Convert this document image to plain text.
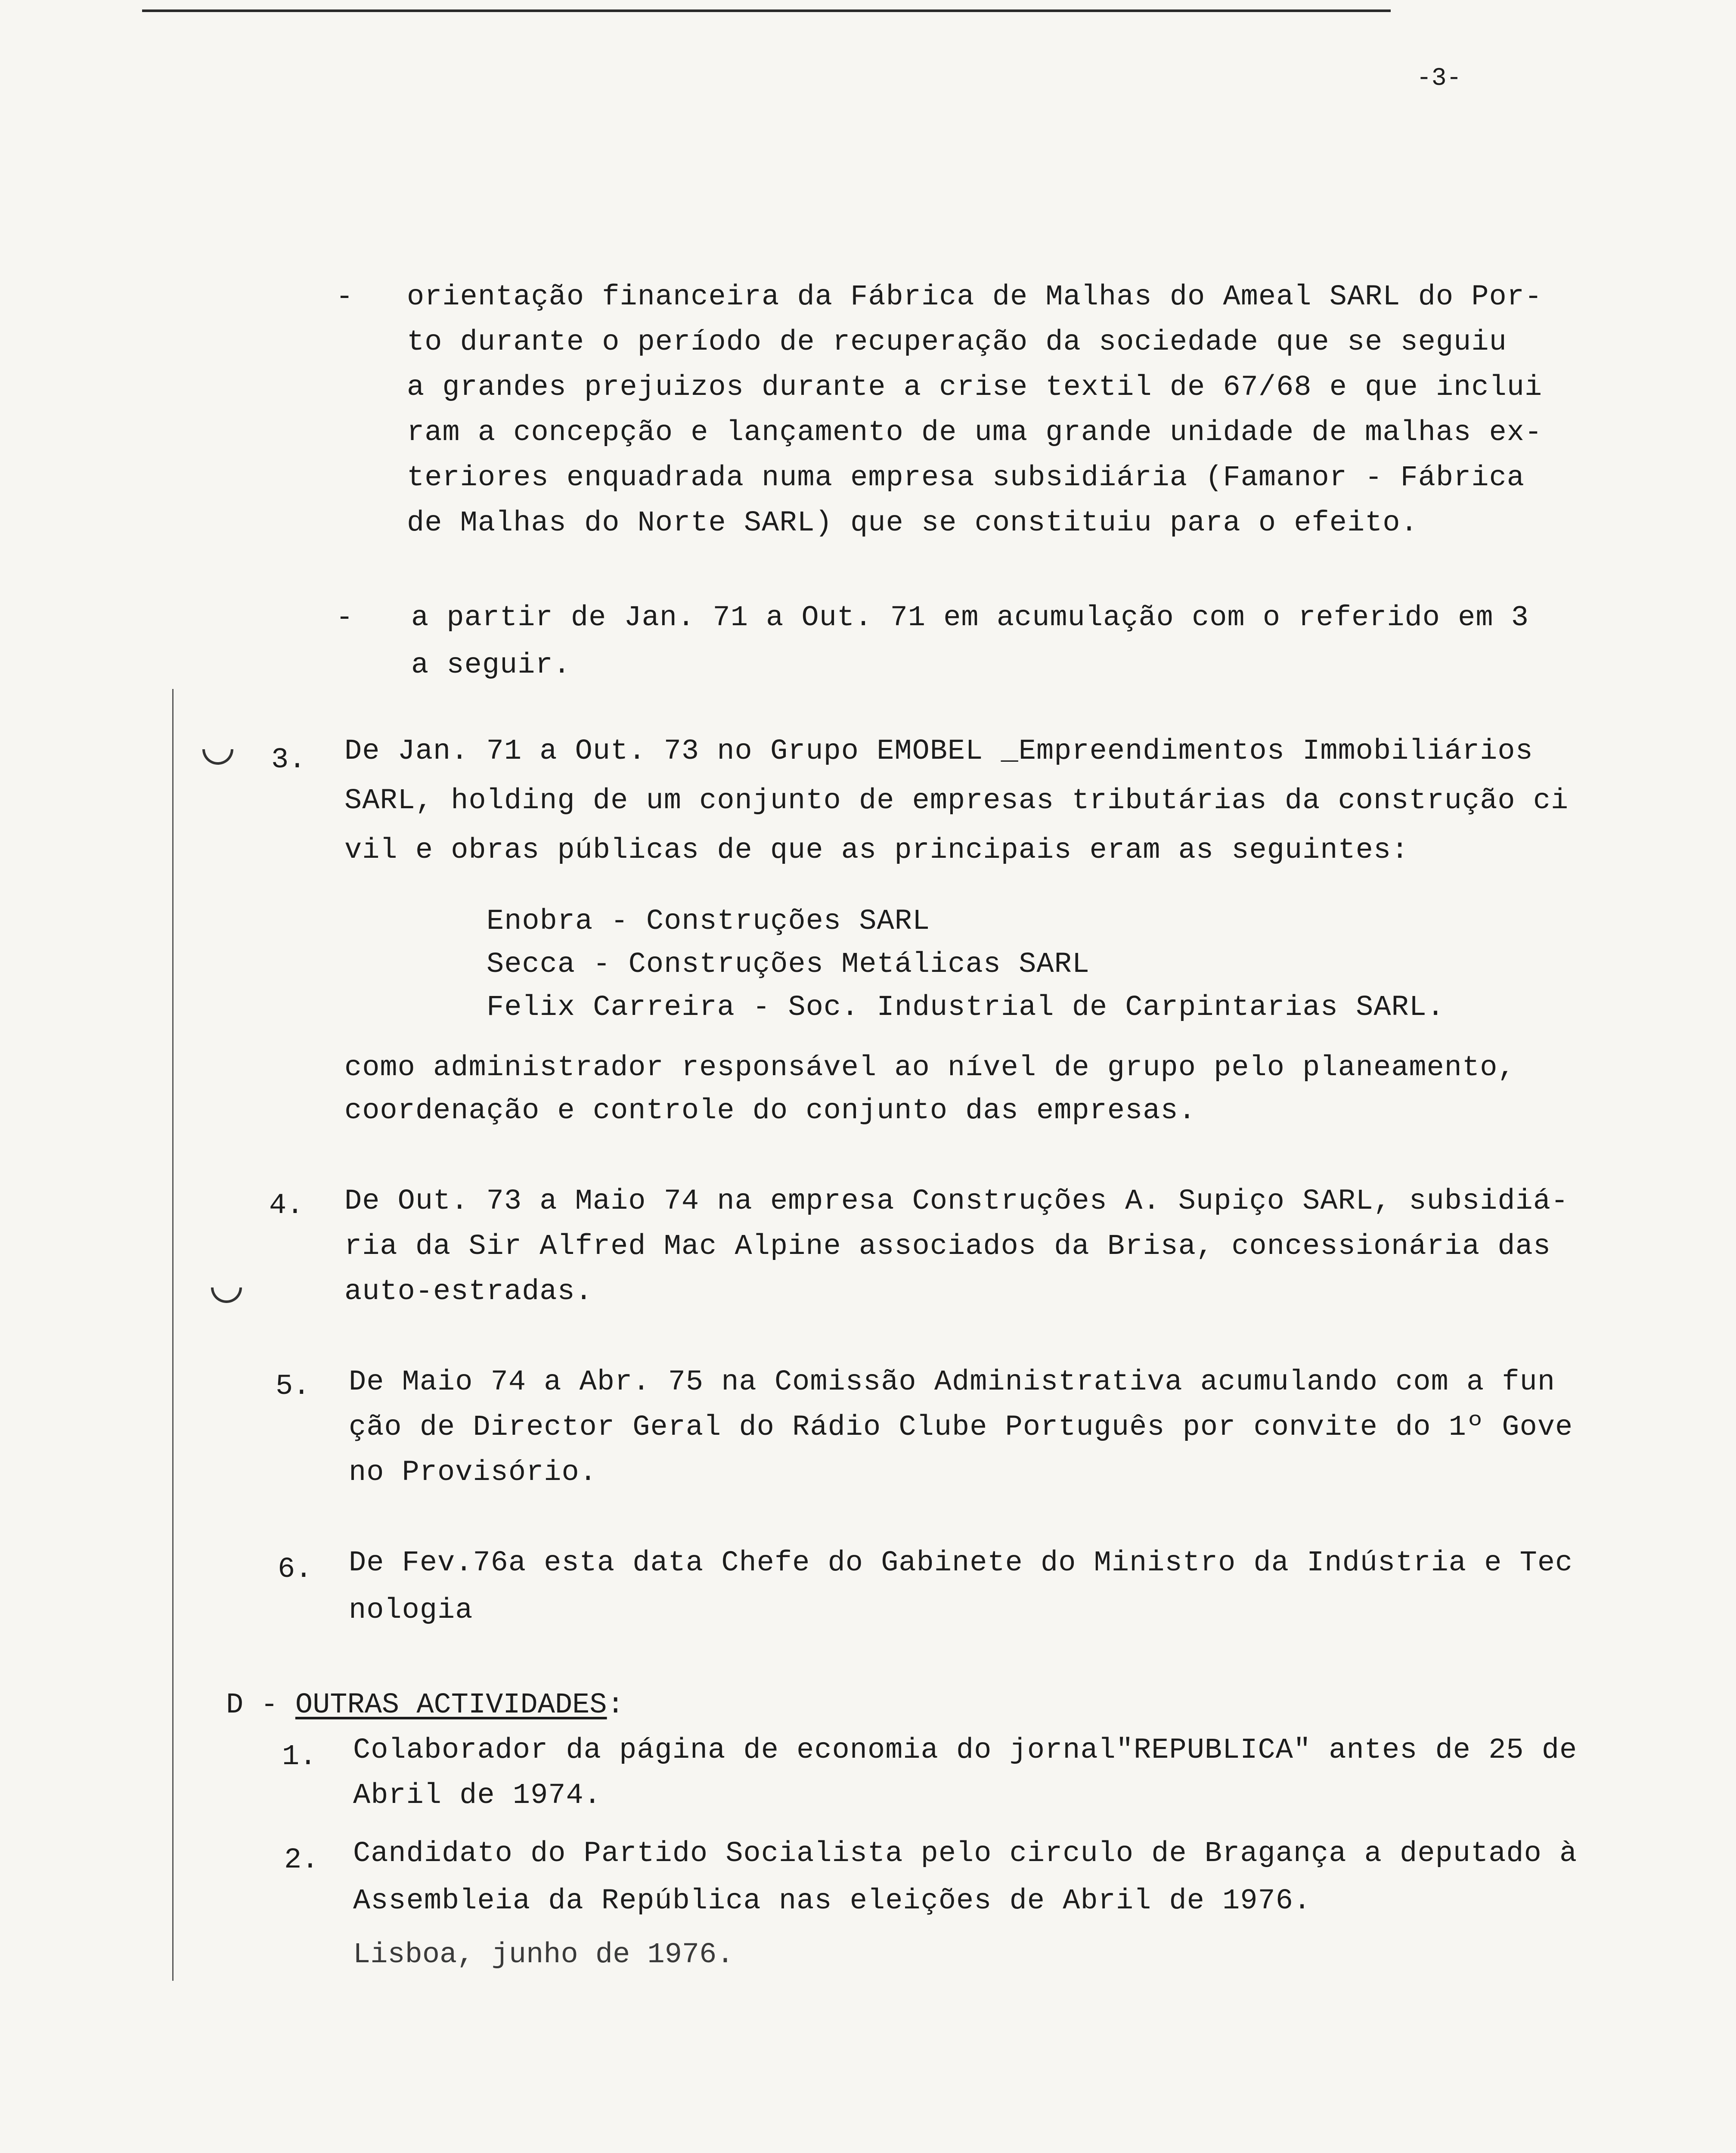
-3-
- orientação financeira da Fábrica de Malhas do Ameal SARL do Por-
to durante o período de recuperação da sociedade que se seguiu
a grandes prejuizos durante a crise textil de 67/68 e que inclui
ram a concepção e lançamento de uma grande unidade de malhas ex-
teriores enquadrada numa empresa subsidiária (Famanor - Fábrica
de Malhas do Norte SARL) que se constituiu para o efeito.
- a partir de Jan. 71 a Out. 71 em acumulação com o referido em 3
a seguir.
3. De Jan. 71 a Out. 73 no Grupo EMOBEL _Empreendimentos Immobiliários
SARL, holding de um conjunto de empresas tributárias da construção ci
vil e obras públicas de que as principais eram as seguintes:
Enobra - Construções SARL
Secca - Construções Metálicas SARL
Felix Carreira - Soc. Industrial de Carpintarias SARL.
como administrador responsável ao nível de grupo pelo planeamento,
coordenação e controle do conjunto das empresas.
4. De Out. 73 a Maio 74 na empresa Construções A. Supiço SARL, subsidiá-
ria da Sir Alfred Mac Alpine associados da Brisa, concessionária das
auto-estradas.
5. De Maio 74 a Abr. 75 na Comissão Administrativa acumulando com a fun
ção de Director Geral do Rádio Clube Português por convite do 1º Gove
no Provisório.
6. De Fev.76a esta data Chefe do Gabinete do Ministro da Indústria e Tec
nologia
D - OUTRAS ACTIVIDADES:
1. Colaborador da página de economia do jornal"REPUBLICA" antes de 25 de
Abril de 1974.
2. Candidato do Partido Socialista pelo circulo de Bragança a deputado à
Assembleia da República nas eleições de Abril de 1976.
Lisboa, junho de 1976.
